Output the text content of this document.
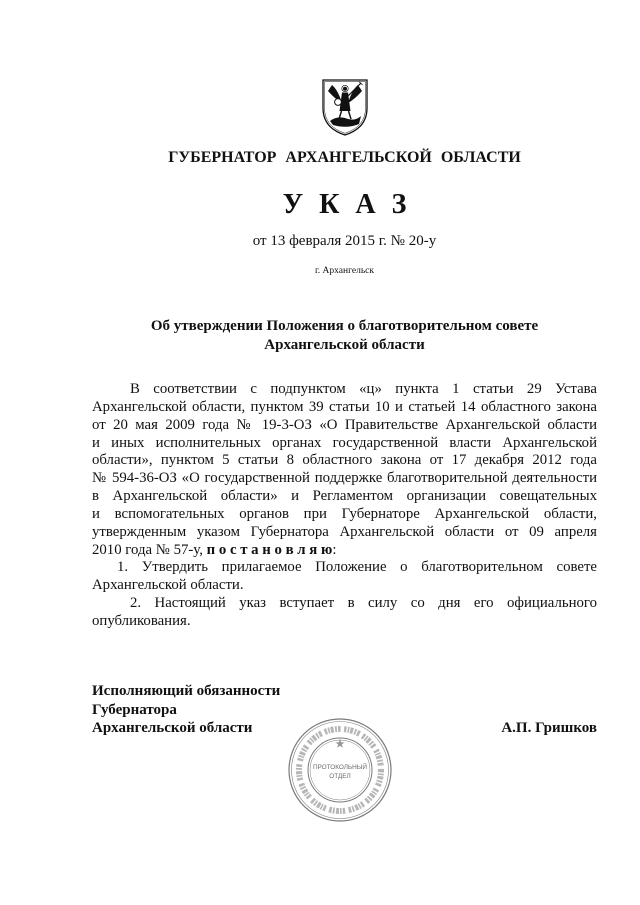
ГУБЕРНАТОР АРХАНГЕЛЬСКОЙ ОБЛАСТИ
У К А З
от 13 февраля 2015 г. № 20-у
г. Архангельск
Об утверждении Положения о благотворительном совете
Архангельской области
В соответствии с подпунктом «ц» пункта 1 статьи 29 Устава
Архангельской области, пунктом 39 статьи 10 и статьей 14 областного закона
от 20 мая 2009 года № 19-3-ОЗ «О Правительстве Архангельской области
и иных исполнительных органах государственной власти Архангельской
области», пунктом 5 статьи 8 областного закона от 17 декабря 2012 года
№ 594-36-ОЗ «О государственной поддержке благотворительной деятельности
в Архангельской области» и Регламентом организации совещательных
и вспомогательных органов при Губернаторе Архангельской области,
утвержденным указом Губернатора Архангельской области от 09 апреля
2010 года № 57-у, п о с т а н о в л я ю:
1. Утвердить прилагаемое Положение о благотворительном совете
Архангельской области.
2. Настоящий указ вступает в силу со дня его официального
опубликования.
Исполняющий обязанности
Губернатора
Архангельской области	А.П. Гришков
ПРОТОКОЛЬНЫЙ
ОТДЕЛ
